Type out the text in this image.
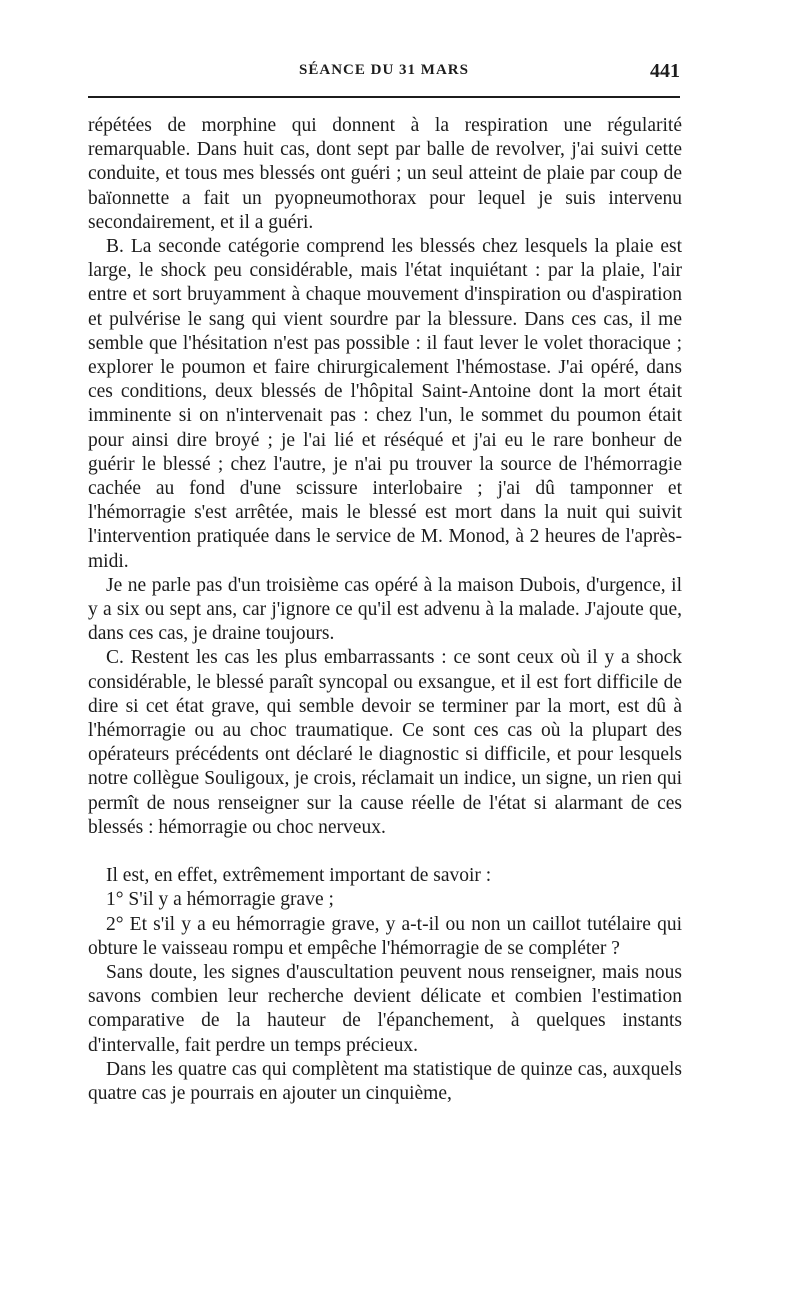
SÉANCE DU 31 MARS	441

répétées de morphine qui donnent à la respiration une régularité remarquable. Dans huit cas, dont sept par balle de revolver, j'ai suivi cette conduite, et tous mes blessés ont guéri ; un seul atteint de plaie par coup de baïonnette a fait un pyopneumothorax pour lequel je suis intervenu secondairement, et il a guéri.

B. La seconde catégorie comprend les blessés chez lesquels la plaie est large, le shock peu considérable, mais l'état inquiétant : par la plaie, l'air entre et sort bruyamment à chaque mouvement d'inspiration ou d'aspiration et pulvérise le sang qui vient sourdre par la blessure. Dans ces cas, il me semble que l'hésitation n'est pas possible : il faut lever le volet thoracique ; explorer le poumon et faire chirurgicalement l'hémostase. J'ai opéré, dans ces conditions, deux blessés de l'hôpital Saint-Antoine dont la mort était imminente si on n'intervenait pas : chez l'un, le sommet du poumon était pour ainsi dire broyé ; je l'ai lié et réséqué et j'ai eu le rare bonheur de guérir le blessé ; chez l'autre, je n'ai pu trouver la source de l'hémorragie cachée au fond d'une scissure interlobaire ; j'ai dû tamponner et l'hémorragie s'est arrêtée, mais le blessé est mort dans la nuit qui suivit l'intervention pratiquée dans le service de M. Monod, à 2 heures de l'après-midi.

Je ne parle pas d'un troisième cas opéré à la maison Dubois, d'urgence, il y a six ou sept ans, car j'ignore ce qu'il est advenu à la malade. J'ajoute que, dans ces cas, je draine toujours.

C. Restent les cas les plus embarrassants : ce sont ceux où il y a shock considérable, le blessé paraît syncopal ou exsangue, et il est fort difficile de dire si cet état grave, qui semble devoir se terminer par la mort, est dû à l'hémorragie ou au choc traumatique. Ce sont ces cas où la plupart des opérateurs précédents ont déclaré le diagnostic si difficile, et pour lesquels notre collègue Souligoux, je crois, réclamait un indice, un signe, un rien qui permît de nous renseigner sur la cause réelle de l'état si alarmant de ces blessés : hémorragie ou choc nerveux.

Il est, en effet, extrêmement important de savoir :

1° S'il y a hémorragie grave ;

2° Et s'il y a eu hémorragie grave, y a-t-il ou non un caillot tutélaire qui obture le vaisseau rompu et empêche l'hémorragie de se compléter ?

Sans doute, les signes d'auscultation peuvent nous renseigner, mais nous savons combien leur recherche devient délicate et combien l'estimation comparative de la hauteur de l'épanchement, à quelques instants d'intervalle, fait perdre un temps précieux.

Dans les quatre cas qui complètent ma statistique de quinze cas, auxquels quatre cas je pourrais en ajouter un cinquième,
